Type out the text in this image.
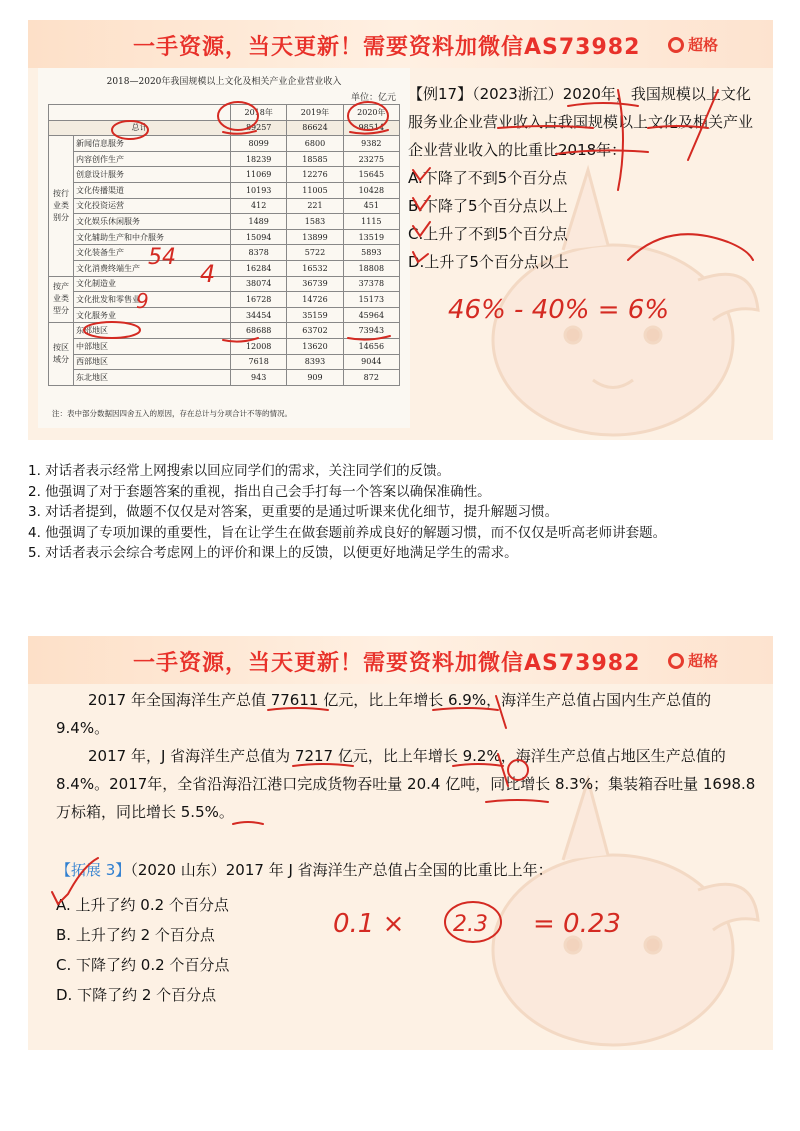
一手资源，当天更新！需要资料加微信AS73982	超格
2018—2020年我国规模以上文化及相关产业企业营业收入
单位：亿元
		2018年	2019年	2020年
总计		89257	86624	98514
按行业类别分	新闻信息服务	8099	6800	9382
	内容创作生产	18239	18585	23275
	创意设计服务	11069	12276	15645
	文化传播渠道	10193	11005	10428
	文化投资运营	412	221	451
	文化娱乐休闲服务	1489	1583	1115
	文化辅助生产和中介服务	15094	13899	13519
	文化装备生产	8378	5722	5893
	文化消费终端生产	16284	16532	18808
按产业类型分	文化制造业	38074	36739	37378
	文化批发和零售业	16728	14726	15173
	文化服务业	34454	35159	45964
按区域分	东部地区	68688	63702	73943
	中部地区	12008	13620	14656
	西部地区	7618	8393	9044
	东北地区	943	909	872
注：表中部分数据因四舍五入的原因，存在总计与分项合计不等的情况。

【例17】（2023浙江）2020年，我国规模以上文化服务业企业营业收入占我国规模以上文化及相关产业企业营业收入的比重比2018年：

A.下降了不到5个百分点

B.下降了5个百分点以上

C.上升了不到5个百分点

D.上升了5个百分点以上

54
4
9	46% - 40% = 6%

1. 对话者表示经常上网搜索以回应同学们的需求，关注同学们的反馈。

2. 他强调了对于套题答案的重视，指出自己会手打每一个答案以确保准确性。

3. 对话者提到，做题不仅仅是对答案，更重要的是通过听课来优化细节，提升解题习惯。

4. 他强调了专项加课的重要性，旨在让学生在做套题前养成良好的解题习惯，而不仅仅是听高老师讲套题。

5. 对话者表示会综合考虑网上的评价和课上的反馈，以便更好地满足学生的需求。

一手资源，当天更新！需要资料加微信AS73982	超格

2017 年全国海洋生产总值 77611 亿元，比上年增长 6.9%，海洋生产总值占国内生产总值的 9.4%。

2017 年，J 省海洋生产总值为 7217 亿元，比上年增长 9.2%，海洋生产总值占地区生产总值的 8.4%。2017年，全省沿海沿江港口完成货物吞吐量 20.4 亿吨，同比增长 8.3%；集装箱吞吐量 1698.8 万标箱，同比增长 5.5%。

【拓展 3】（2020 山东）2017 年 J 省海洋生产总值占全国的比重比上年：

A. 上升了约 0.2 个百分点

B. 上升了约 2 个百分点

C. 下降了约 0.2 个百分点

D. 下降了约 2 个百分点

0.1 × 2.3 = 0.23
